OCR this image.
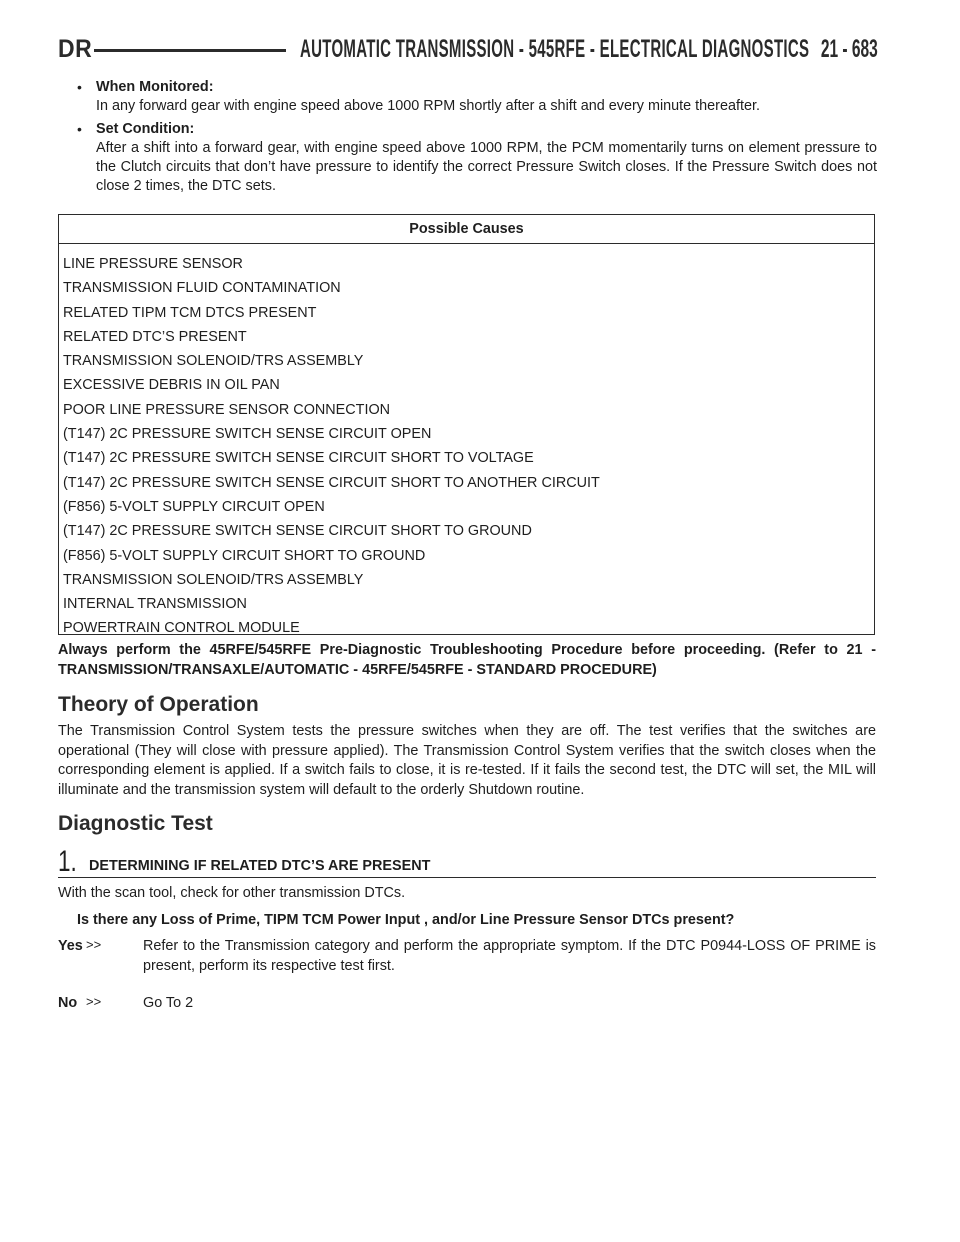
DR	AUTOMATIC TRANSMISSION - 545RFE - ELECTRICAL DIAGNOSTICS 21 - 683
• When Monitored:
In any forward gear with engine speed above 1000 RPM shortly after a shift and every minute thereafter.
• Set Condition:
After a shift into a forward gear, with engine speed above 1000 RPM, the PCM momentarily turns on element pressure to the Clutch circuits that don’t have pressure to identify the correct Pressure Switch closes. If the Pressure Switch does not close 2 times, the DTC sets.
Possible Causes
LINE PRESSURE SENSOR
TRANSMISSION FLUID CONTAMINATION
RELATED TIPM TCM DTCS PRESENT
RELATED DTC’S PRESENT
TRANSMISSION SOLENOID/TRS ASSEMBLY
EXCESSIVE DEBRIS IN OIL PAN
POOR LINE PRESSURE SENSOR CONNECTION
(T147) 2C PRESSURE SWITCH SENSE CIRCUIT OPEN
(T147) 2C PRESSURE SWITCH SENSE CIRCUIT SHORT TO VOLTAGE
(T147) 2C PRESSURE SWITCH SENSE CIRCUIT SHORT TO ANOTHER CIRCUIT
(F856) 5-VOLT SUPPLY CIRCUIT OPEN
(T147) 2C PRESSURE SWITCH SENSE CIRCUIT SHORT TO GROUND
(F856) 5-VOLT SUPPLY CIRCUIT SHORT TO GROUND
TRANSMISSION SOLENOID/TRS ASSEMBLY
INTERNAL TRANSMISSION
POWERTRAIN CONTROL MODULE
Always perform the 45RFE/545RFE Pre-Diagnostic Troubleshooting Procedure before proceeding. (Refer to 21 - TRANSMISSION/TRANSAXLE/AUTOMATIC - 45RFE/545RFE - STANDARD PROCEDURE)
Theory of Operation
The Transmission Control System tests the pressure switches when they are off. The test verifies that the switches are operational (They will close with pressure applied). The Transmission Control System verifies that the switch closes when the corresponding element is applied. If a switch fails to close, it is re-tested. If it fails the second test, the DTC will set, the MIL will illuminate and the transmission system will default to the orderly Shutdown routine.
Diagnostic Test
1. DETERMINING IF RELATED DTC’S ARE PRESENT
With the scan tool, check for other transmission DTCs.
Is there any Loss of Prime, TIPM TCM Power Input , and/or Line Pressure Sensor DTCs present?
Yes >>	Refer to the Transmission category and perform the appropriate symptom. If the DTC P0944-LOSS OF PRIME is present, perform its respective test first.
No >>	Go To 2
